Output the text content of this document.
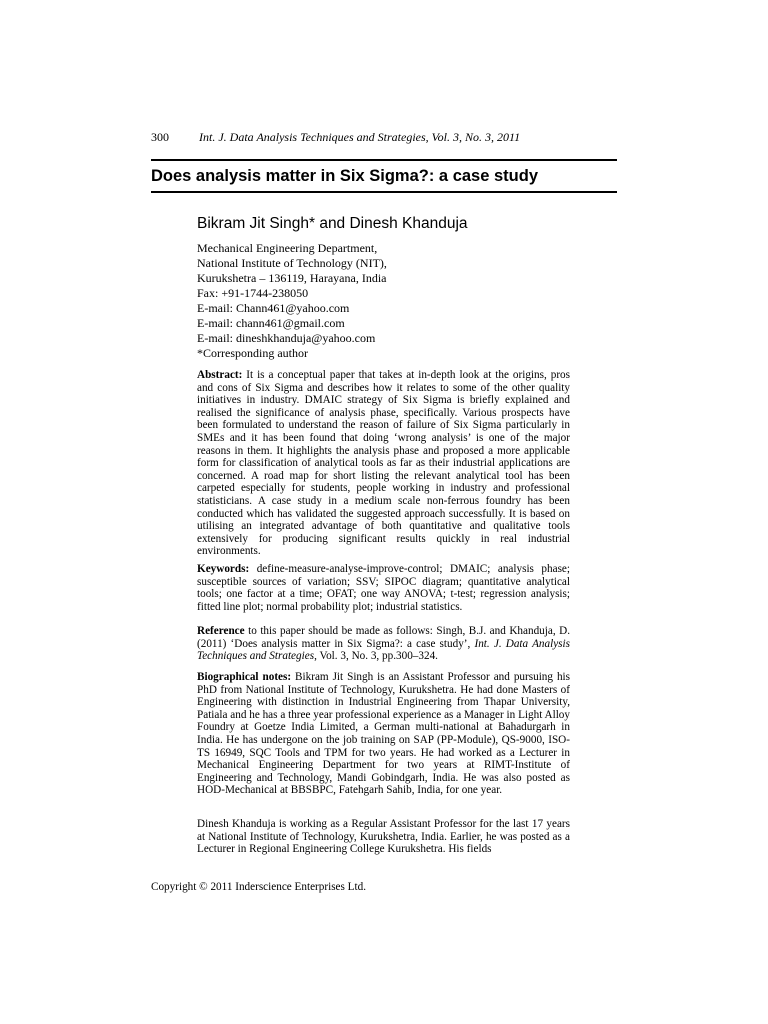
300	Int. J. Data Analysis Techniques and Strategies, Vol. 3, No. 3, 2011
Does analysis matter in Six Sigma?: a case study
Bikram Jit Singh* and Dinesh Khanduja
Mechanical Engineering Department,
National Institute of Technology (NIT),
Kurukshetra – 136119, Harayana, India
Fax: +91-1744-238050
E-mail: Chann461@yahoo.com
E-mail: chann461@gmail.com
E-mail: dineshkhanduja@yahoo.com
*Corresponding author
Abstract: It is a conceptual paper that takes at in-depth look at the origins, pros and cons of Six Sigma and describes how it relates to some of the other quality initiatives in industry. DMAIC strategy of Six Sigma is briefly explained and realised the significance of analysis phase, specifically. Various prospects have been formulated to understand the reason of failure of Six Sigma particularly in SMEs and it has been found that doing ‘wrong analysis’ is one of the major reasons in them. It highlights the analysis phase and proposed a more applicable form for classification of analytical tools as far as their industrial applications are concerned. A road map for short listing the relevant analytical tool has been carpeted especially for students, people working in industry and professional statisticians. A case study in a medium scale non-ferrous foundry has been conducted which has validated the suggested approach successfully. It is based on utilising an integrated advantage of both quantitative and qualitative tools extensively for producing significant results quickly in real industrial environments.
Keywords: define-measure-analyse-improve-control; DMAIC; analysis phase; susceptible sources of variation; SSV; SIPOC diagram; quantitative analytical tools; one factor at a time; OFAT; one way ANOVA; t-test; regression analysis; fitted line plot; normal probability plot; industrial statistics.
Reference to this paper should be made as follows: Singh, B.J. and Khanduja, D. (2011) ‘Does analysis matter in Six Sigma?: a case study’, Int. J. Data Analysis Techniques and Strategies, Vol. 3, No. 3, pp.300–324.
Biographical notes: Bikram Jit Singh is an Assistant Professor and pursuing his PhD from National Institute of Technology, Kurukshetra. He had done Masters of Engineering with distinction in Industrial Engineering from Thapar University, Patiala and he has a three year professional experience as a Manager in Light Alloy Foundry at Goetze India Limited, a German multi-national at Bahadurgarh in India. He has undergone on the job training on SAP (PP-Module), QS-9000, ISO-TS 16949, SQC Tools and TPM for two years. He had worked as a Lecturer in Mechanical Engineering Department for two years at RIMT-Institute of Engineering and Technology, Mandi Gobindgarh, India. He was also posted as HOD-Mechanical at BBSBPC, Fatehgarh Sahib, India, for one year.
Dinesh Khanduja is working as a Regular Assistant Professor for the last 17 years at National Institute of Technology, Kurukshetra, India. Earlier, he was posted as a Lecturer in Regional Engineering College Kurukshetra. His fields
Copyright © 2011 Inderscience Enterprises Ltd.
